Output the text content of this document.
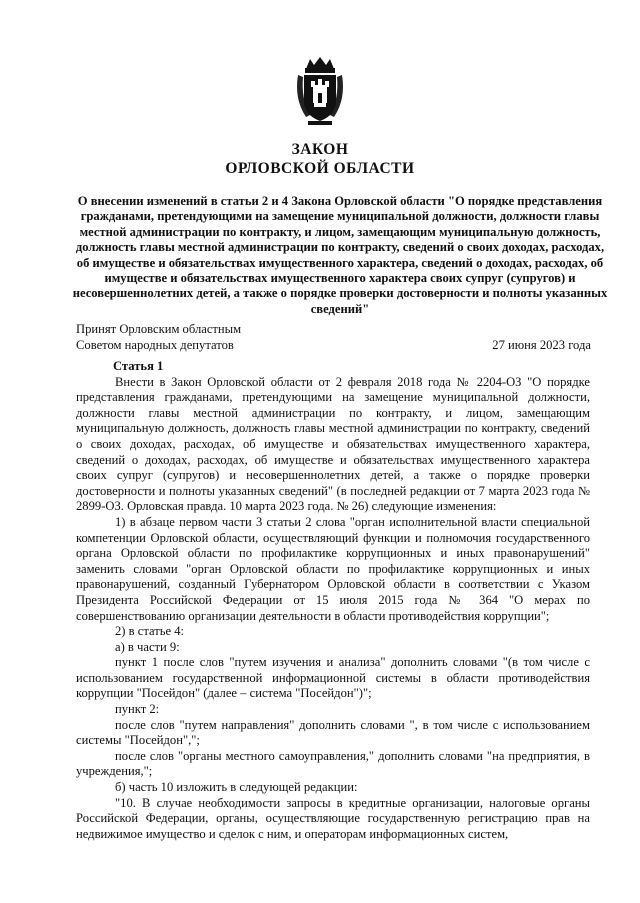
ЗАКОН
ОРЛОВСКОЙ ОБЛАСТИ
О внесении изменений в статьи 2 и 4 Закона Орловской области "О порядке представления гражданами, претендующими на замещение муниципальной должности, должности главы местной администрации по контракту, и лицом, замещающим муниципальную должность, должность главы местной администрации по контракту, сведений о своих доходах, расходах, об имуществе и обязательствах имущественного характера, сведений о доходах, расходах, об имуществе и обязательствах имущественного характера своих супруг (супругов) и несовершеннолетних детей, а также о порядке проверки достоверности и полноты указанных сведений"
Принят Орловским областным
Советом народных депутатов	27 июня 2023 года

Статья 1

Внести в Закон Орловской области от 2 февраля 2018 года № 2204-ОЗ "О порядке представления гражданами, претендующими на замещение муниципальной должности, должности главы местной администрации по контракту, и лицом, замещающим муниципальную должность, должность главы местной администрации по контракту, сведений о своих доходах, расходах, об имуществе и обязательствах имущественного характера, сведений о доходах, расходах, об имуществе и обязательствах имущественного характера своих супруг (супругов) и несовершеннолетних детей, а также о порядке проверки достоверности и полноты указанных сведений" (в последней редакции от 7 марта 2023 года № 2899-ОЗ. Орловская правда. 10 марта 2023 года. № 26) следующие изменения:

1) в абзаце первом части 3 статьи 2 слова "орган исполнительной власти специальной компетенции Орловской области, осуществляющий функции и полномочия государственного органа Орловской области по профилактике коррупционных и иных правонарушений" заменить словами "орган Орловской области по профилактике коррупционных и иных правонарушений, созданный Губернатором Орловской области в соответствии с Указом Президента Российской Федерации от 15 июля 2015 года № 364 "О мерах по совершенствованию организации деятельности в области противодействия коррупции";

2) в статье 4:

а) в части 9:

пункт 1 после слов "путем изучения и анализа" дополнить словами "(в том числе с использованием государственной информационной системы в области противодействия коррупции "Посейдон" (далее – система "Посейдон")";

пункт 2:

после слов "путем направления" дополнить словами ", в том числе с использованием системы "Посейдон",";

после слов "органы местного самоуправления," дополнить словами "на предприятия, в учреждения,";

б) часть 10 изложить в следующей редакции:

"10. В случае необходимости запросы в кредитные организации, налоговые органы Российской Федерации, органы, осуществляющие государственную регистрацию прав на недвижимое имущество и сделок с ним, и операторам информационных систем,
